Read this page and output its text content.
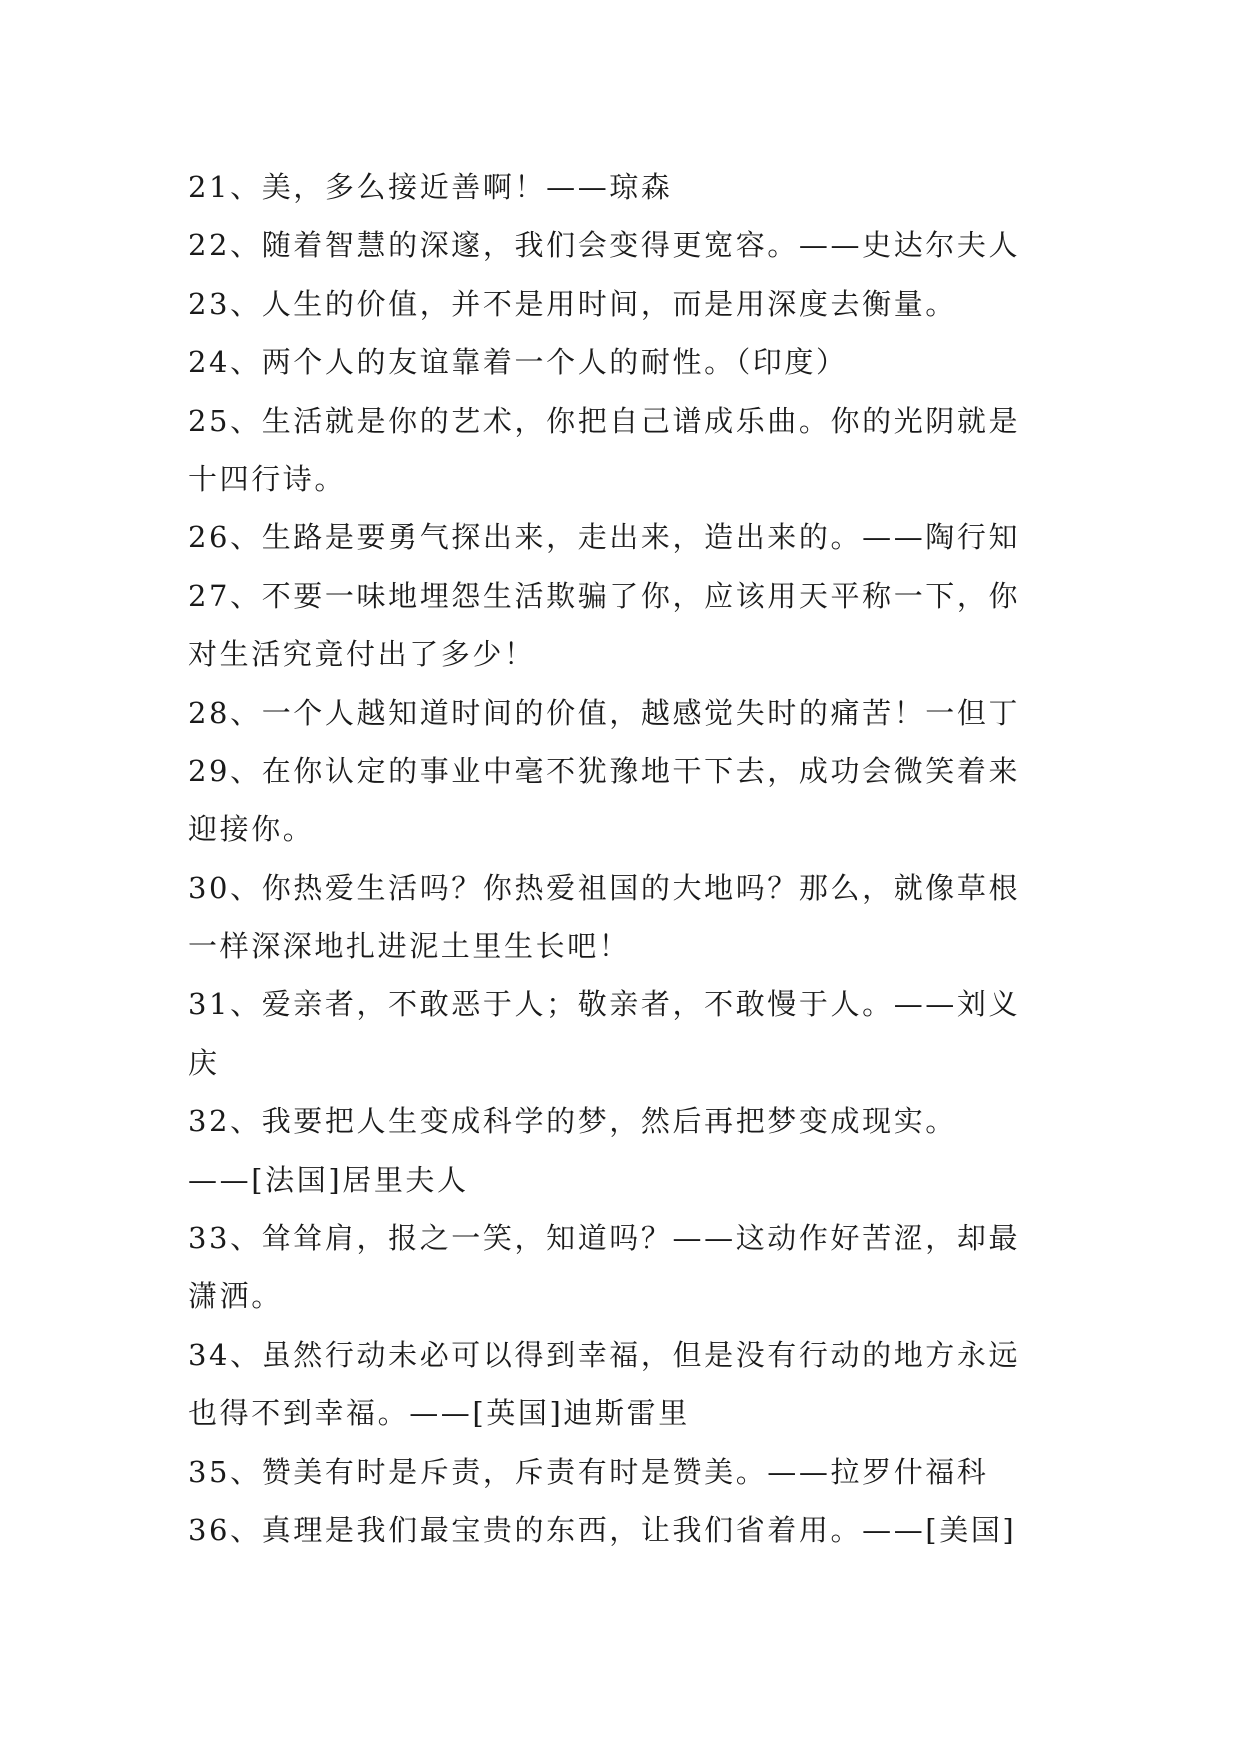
21、美，多么接近善啊！——琼森
22、随着智慧的深邃，我们会变得更宽容。——史达尔夫人
23、人生的价值，并不是用时间，而是用深度去衡量。
24、两个人的友谊靠着一个人的耐性。（印度）
25、生活就是你的艺术，你把自己谱成乐曲。你的光阴就是
十四行诗。
26、生路是要勇气探出来，走出来，造出来的。——陶行知
27、不要一味地埋怨生活欺骗了你，应该用天平称一下，你
对生活究竟付出了多少！
28、一个人越知道时间的价值，越感觉失时的痛苦！一但丁
29、在你认定的事业中毫不犹豫地干下去，成功会微笑着来
迎接你。
30、你热爱生活吗？你热爱祖国的大地吗？那么，就像草根
一样深深地扎进泥土里生长吧！
31、爱亲者，不敢恶于人；敬亲者，不敢慢于人。——刘义
庆
32、我要把人生变成科学的梦，然后再把梦变成现实。
——[法国]居里夫人
33、耸耸肩，报之一笑，知道吗？——这动作好苦涩，却最
潇洒。
34、虽然行动未必可以得到幸福，但是没有行动的地方永远
也得不到幸福。——[英国]迪斯雷里
35、赞美有时是斥责，斥责有时是赞美。——拉罗什福科
36、真理是我们最宝贵的东西，让我们省着用。——[美国]
